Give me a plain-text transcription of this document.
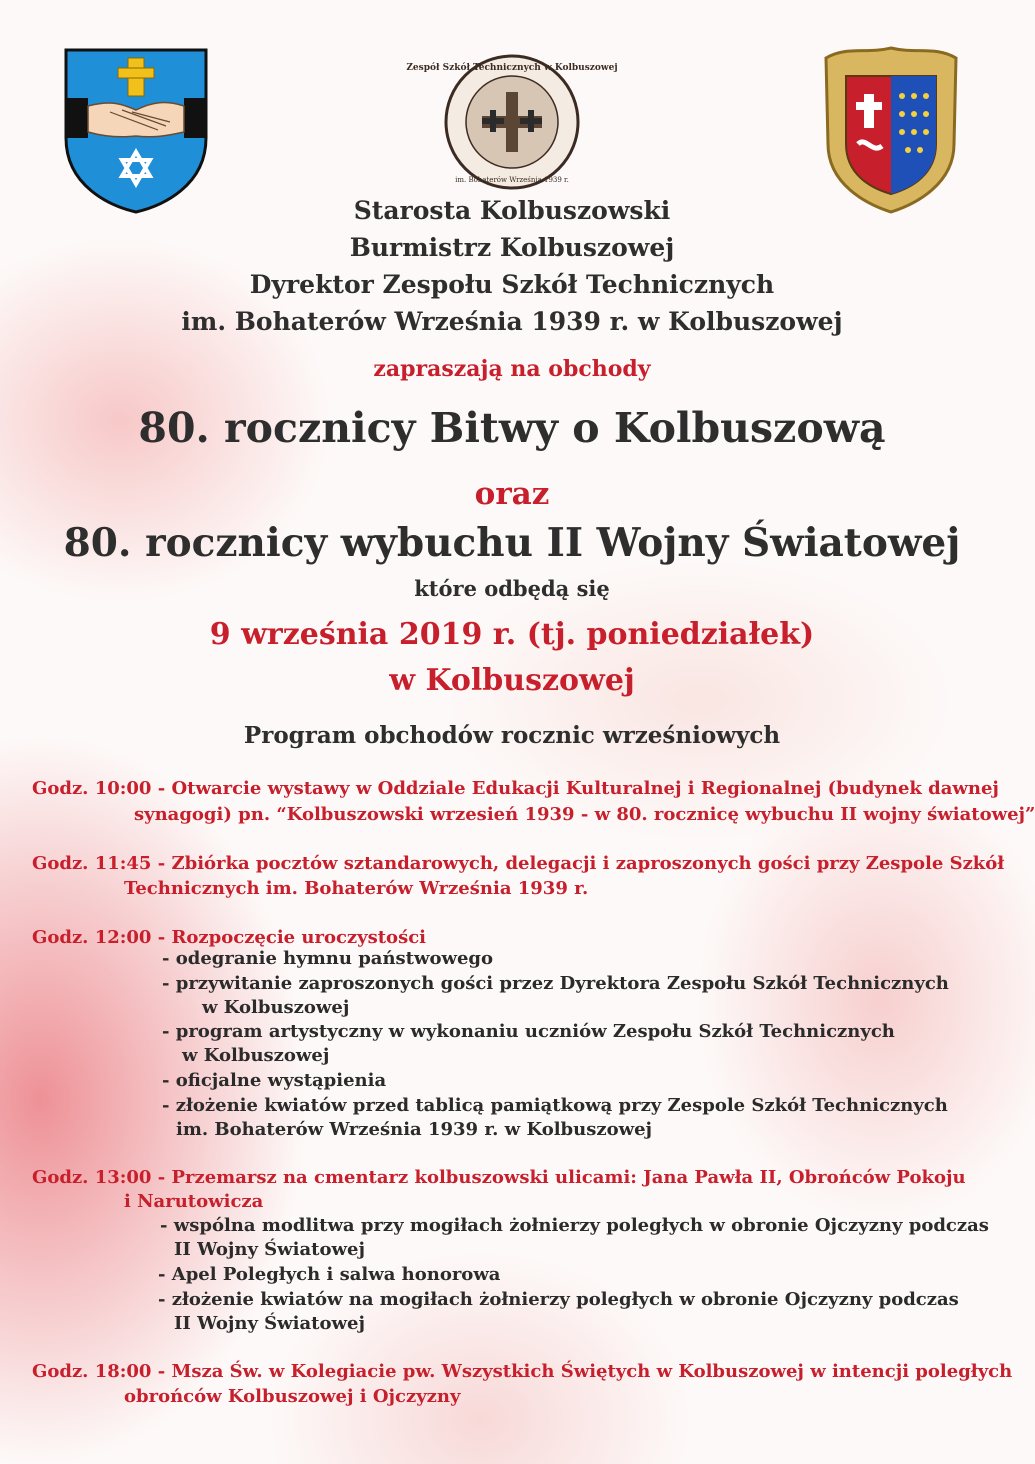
Zespół Szkół Technicznych w Kolbuszowej
im. Bohaterów Września 1939 r.
Starosta Kolbuszowski
Burmistrz Kolbuszowej
Dyrektor Zespołu Szkół Technicznych
im. Bohaterów Września 1939 r. w Kolbuszowej
zapraszają na obchody
80. rocznicy Bitwy o Kolbuszową
oraz
80. rocznicy wybuchu II Wojny Światowej
które odbędą się
9 września 2019 r. (tj. poniedziałek)
w Kolbuszowej
Program obchodów rocznic wrześniowych
Godz. 10:00 - Otwarcie wystawy w Oddziale Edukacji Kulturalnej i Regionalnej (budynek dawnej
synagogi) pn. “Kolbuszowski wrzesień 1939 - w 80. rocznicę wybuchu II wojny światowej”
Godz. 11:45 - Zbiórka pocztów sztandarowych, delegacji i zaproszonych gości przy Zespole Szkół
Technicznych im. Bohaterów Września 1939 r.
Godz. 12:00 - Rozpoczęcie uroczystości
- odegranie hymnu państwowego
- przywitanie zaproszonych gości przez Dyrektora Zespołu Szkół Technicznych
w Kolbuszowej
- program artystyczny w wykonaniu uczniów Zespołu Szkół Technicznych
w Kolbuszowej
- oficjalne wystąpienia
- złożenie kwiatów przed tablicą pamiątkową przy Zespole Szkół Technicznych
im. Bohaterów Września 1939 r. w Kolbuszowej
Godz. 13:00 - Przemarsz na cmentarz kolbuszowski ulicami: Jana Pawła II, Obrońców Pokoju
i Narutowicza
- wspólna modlitwa przy mogiłach żołnierzy poległych w obronie Ojczyzny podczas
II Wojny Światowej
- Apel Poległych i salwa honorowa
- złożenie kwiatów na mogiłach żołnierzy poległych w obronie Ojczyzny podczas
II Wojny Światowej
Godz. 18:00 - Msza Św. w Kolegiacie pw. Wszystkich Świętych w Kolbuszowej w intencji poległych
obrońców Kolbuszowej i Ojczyzny
